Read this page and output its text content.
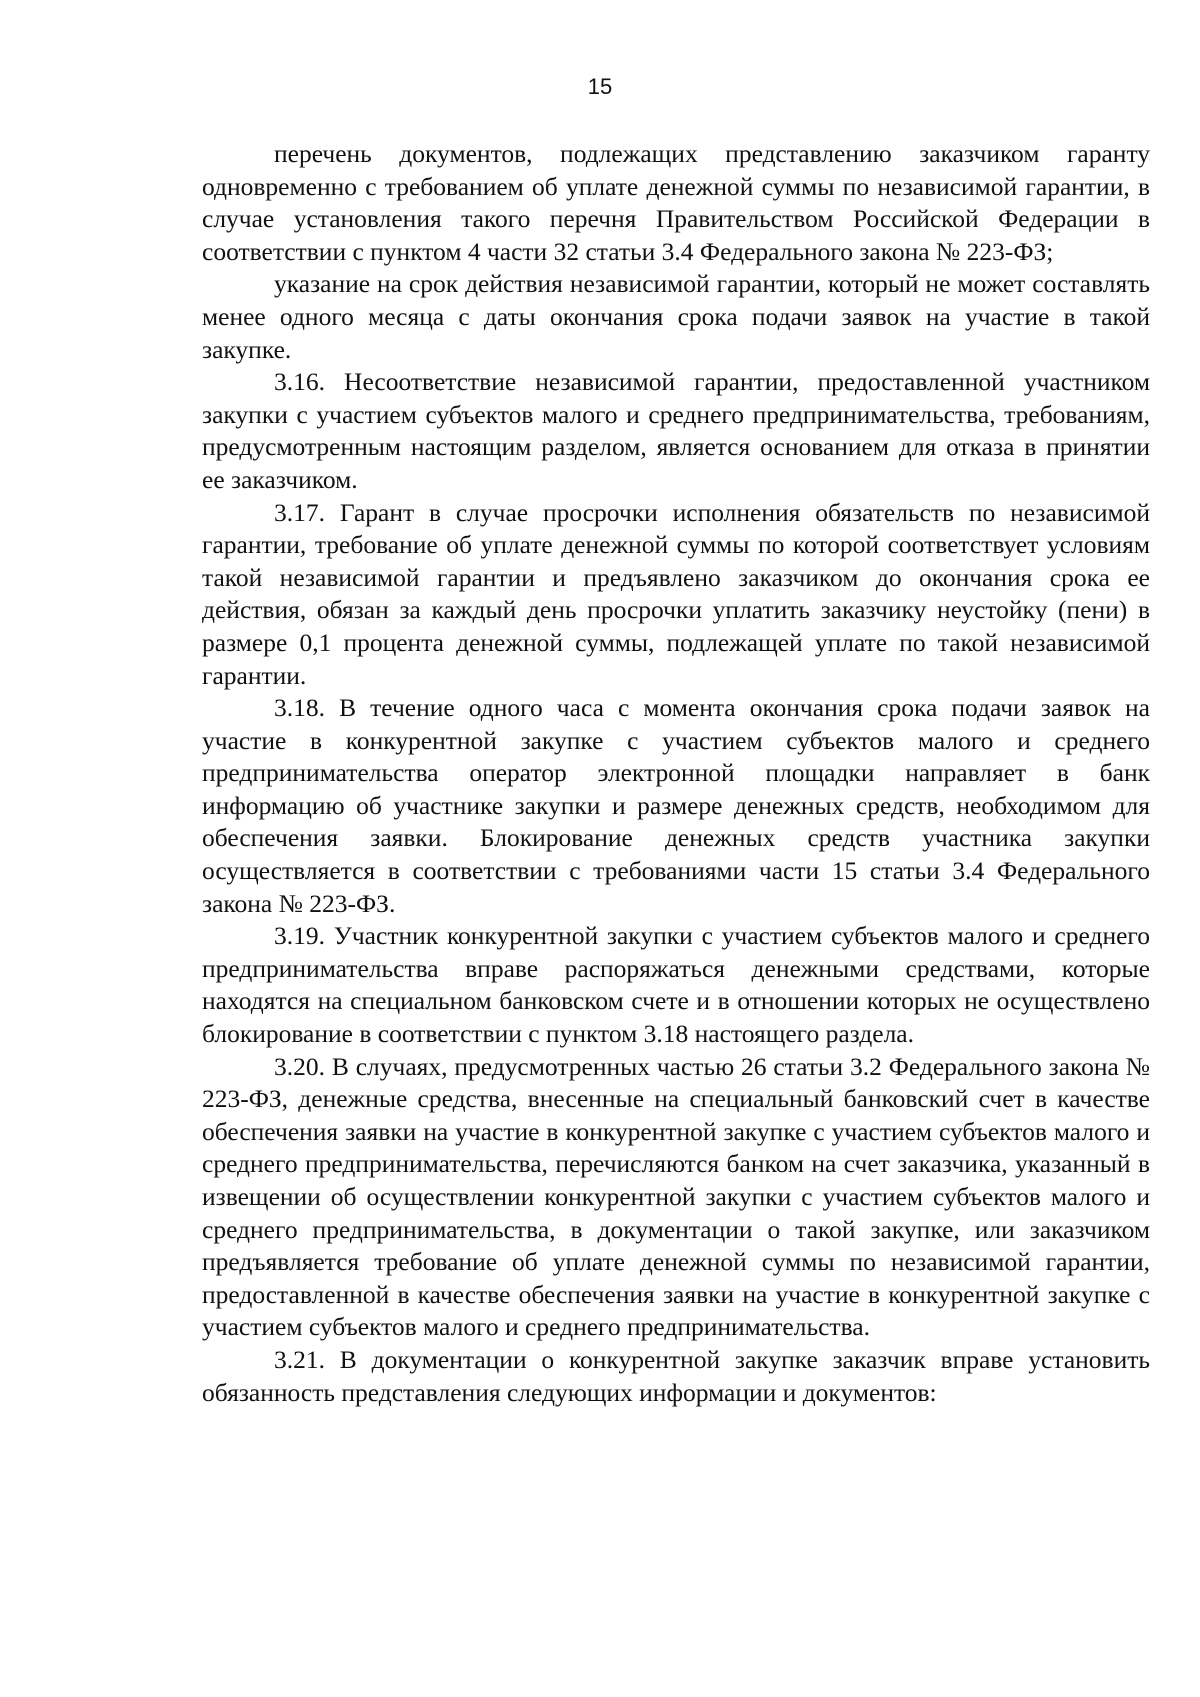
15

перечень документов, подлежащих представлению заказчиком гаранту одновременно с требованием об уплате денежной суммы по независимой гарантии, в случае установления такого перечня Правительством Российской Федерации в соответствии с пунктом 4 части 32 статьи 3.4 Федерального закона № 223-ФЗ;

указание на срок действия независимой гарантии, который не может составлять менее одного месяца с даты окончания срока подачи заявок на участие в такой закупке.

3.16. Несоответствие независимой гарантии, предоставленной участником закупки с участием субъектов малого и среднего предпринимательства, требованиям, предусмотренным настоящим разделом, является основанием для отказа в принятии ее заказчиком.

3.17. Гарант в случае просрочки исполнения обязательств по независимой гарантии, требование об уплате денежной суммы по которой соответствует условиям такой независимой гарантии и предъявлено заказчиком до окончания срока ее действия, обязан за каждый день просрочки уплатить заказчику неустойку (пени) в размере 0,1 процента денежной суммы, подлежащей уплате по такой независимой гарантии.

3.18. В течение одного часа с момента окончания срока подачи заявок на участие в конкурентной закупке с участием субъектов малого и среднего предпринимательства оператор электронной площадки направляет в банк информацию об участнике закупки и размере денежных средств, необходимом для обеспечения заявки. Блокирование денежных средств участника закупки осуществляется в соответствии с требованиями части 15 статьи 3.4 Федерального закона № 223-ФЗ.

3.19. Участник конкурентной закупки с участием субъектов малого и среднего предпринимательства вправе распоряжаться денежными средствами, которые находятся на специальном банковском счете и в отношении которых не осуществлено блокирование в соответствии с пунктом 3.18 настоящего раздела.

3.20. В случаях, предусмотренных частью 26 статьи 3.2 Федерального закона № 223-ФЗ, денежные средства, внесенные на специальный банковский счет в качестве обеспечения заявки на участие в конкурентной закупке с участием субъектов малого и среднего предпринимательства, перечисляются банком на счет заказчика, указанный в извещении об осуществлении конкурентной закупки с участием субъектов малого и среднего предпринимательства, в документации о такой закупке, или заказчиком предъявляется требование об уплате денежной суммы по независимой гарантии, предоставленной в качестве обеспечения заявки на участие в конкурентной закупке с участием субъектов малого и среднего предпринимательства.

3.21. В документации о конкурентной закупке заказчик вправе установить обязанность представления следующих информации и документов:
